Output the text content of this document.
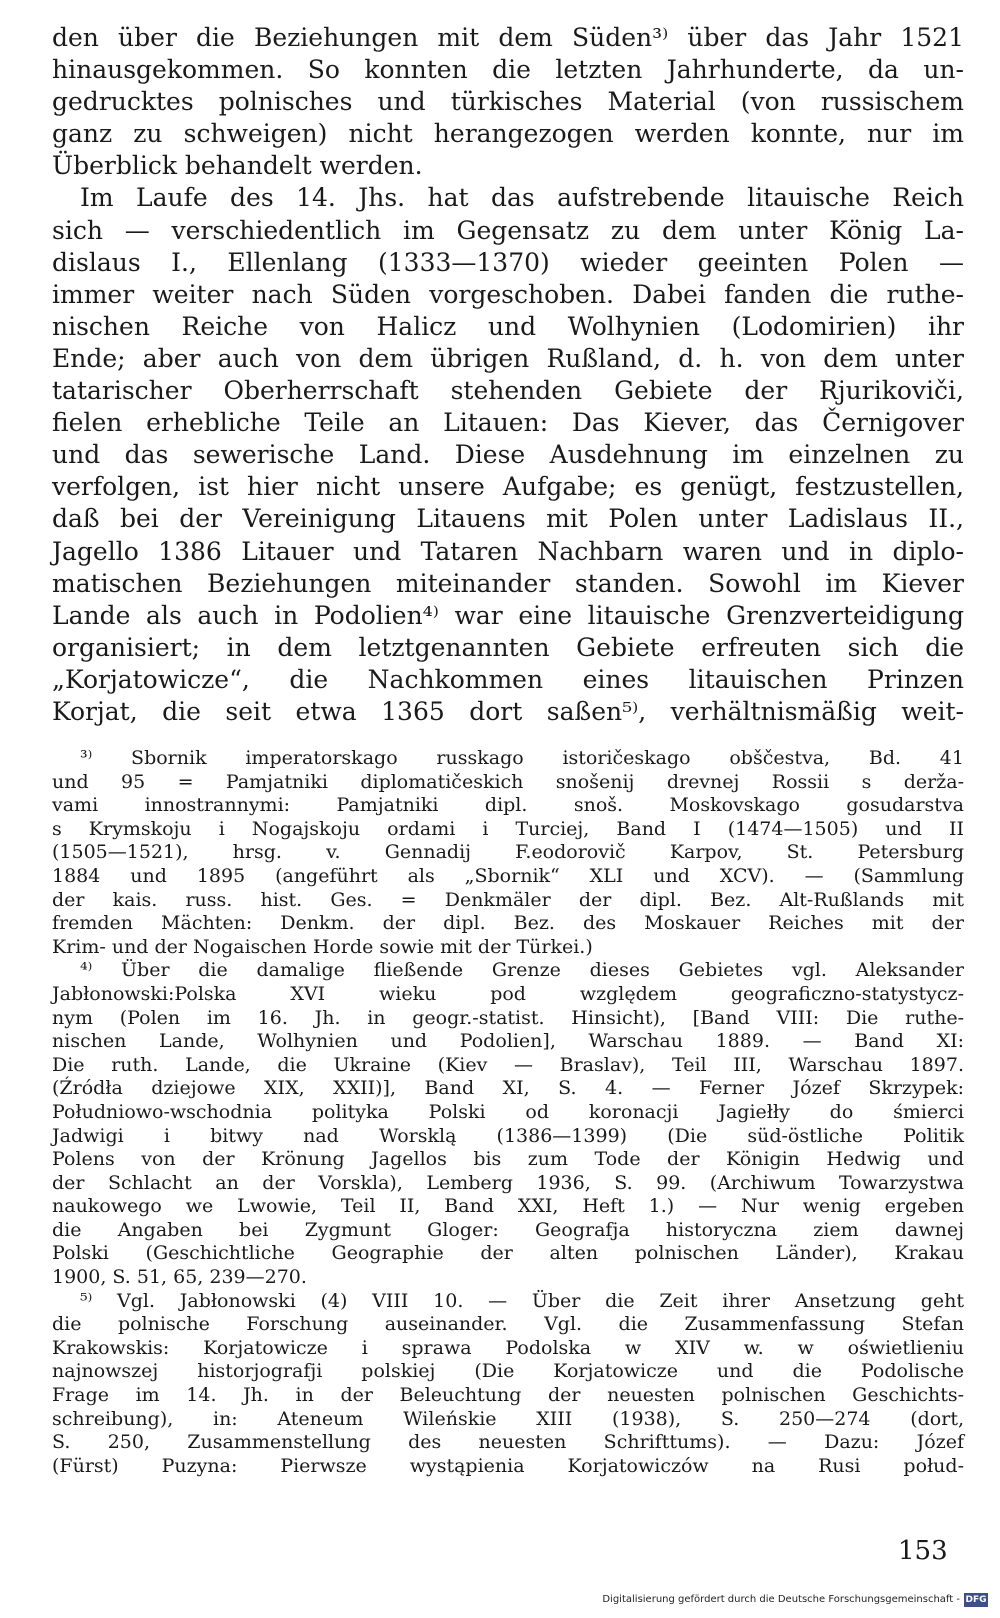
den über die Beziehungen mit dem Süden³⁾ über das Jahr 1521
hinausgekommen. So konnten die letzten Jahrhunderte, da un-
gedrucktes polnisches und türkisches Material (von russischem
ganz zu schweigen) nicht herangezogen werden konnte, nur im
Überblick behandelt werden.
Im Laufe des 14. Jhs. hat das aufstrebende litauische Reich
sich — verschiedentlich im Gegensatz zu dem unter König La-
dislaus I., Ellenlang (1333—1370) wieder geeinten Polen —
immer weiter nach Süden vorgeschoben. Dabei fanden die ruthe-
nischen Reiche von Halicz und Wolhynien (Lodomirien) ihr
Ende; aber auch von dem übrigen Rußland, d. h. von dem unter
tatarischer Oberherrschaft stehenden Gebiete der Rjurikoviči,
fielen erhebliche Teile an Litauen: Das Kiever, das Černigover
und das sewerische Land. Diese Ausdehnung im einzelnen zu
verfolgen, ist hier nicht unsere Aufgabe; es genügt, festzustellen,
daß bei der Vereinigung Litauens mit Polen unter Ladislaus II.,
Jagello 1386 Litauer und Tataren Nachbarn waren und in diplo-
matischen Beziehungen miteinander standen. Sowohl im Kiever
Lande als auch in Podolien⁴⁾ war eine litauische Grenzverteidigung
organisiert; in dem letztgenannten Gebiete erfreuten sich die
„Korjatowicze“, die Nachkommen eines litauischen Prinzen
Korjat, die seit etwa 1365 dort saßen⁵⁾, verhältnismäßig weit-
³⁾ Sbornik imperatorskago russkago istoričeskago obščestva, Bd. 41
und 95 = Pamjatniki diplomatičeskich snošenij drevnej Rossii s derža-
vami innostrannymi: Pamjatniki dipl. snoš. Moskovskago gosudarstva
s Krymskoju i Nogajskoju ordami i Turciej, Band I (1474—1505) und II
(1505—1521), hrsg. v. Gennadij F.eodorovič Karpov, St. Petersburg
1884 und 1895 (angeführt als „Sbornik“ XLI und XCV). — (Sammlung
der kais. russ. hist. Ges. = Denkmäler der dipl. Bez. Alt-Rußlands mit
fremden Mächten: Denkm. der dipl. Bez. des Moskauer Reiches mit der
Krim- und der Nogaischen Horde sowie mit der Türkei.)
⁴⁾ Über die damalige fließende Grenze dieses Gebietes vgl. Aleksander
Jabłonowski:Polska XVI wieku pod względem geograficzno-statystycz-
nym (Polen im 16. Jh. in geogr.-statist. Hinsicht), [Band VIII: Die ruthe-
nischen Lande, Wolhynien und Podolien], Warschau 1889. — Band XI:
Die ruth. Lande, die Ukraine (Kiev — Braslav), Teil III, Warschau 1897.
(Źródła dziejowe XIX, XXII)], Band XI, S. 4. — Ferner Józef Skrzypek:
Południowo-wschodnia polityka Polski od koronacji Jagiełły do śmierci
Jadwigi i bitwy nad Worsklą (1386—1399) (Die süd-östliche Politik
Polens von der Krönung Jagellos bis zum Tode der Königin Hedwig und
der Schlacht an der Vorskla), Lemberg 1936, S. 99. (Archiwum Towarzystwa
naukowego we Lwowie, Teil II, Band XXI, Heft 1.) — Nur wenig ergeben
die Angaben bei Zygmunt Gloger: Geografja historyczna ziem dawnej
Polski (Geschichtliche Geographie der alten polnischen Länder), Krakau
1900, S. 51, 65, 239—270.
⁵⁾ Vgl. Jabłonowski (4) VIII 10. — Über die Zeit ihrer Ansetzung geht
die polnische Forschung auseinander. Vgl. die Zusammenfassung Stefan
Krakowskis: Korjatowicze i sprawa Podolska w XIV w. w oświetlieniu
najnowszej historjografji polskiej (Die Korjatowicze und die Podolische
Frage im 14. Jh. in der Beleuchtung der neuesten polnischen Geschichts-
schreibung), in: Ateneum Wileńskie XIII (1938), S. 250—274 (dort,
S. 250, Zusammenstellung des neuesten Schrifttums). — Dazu: Józef
(Fürst) Puzyna: Pierwsze wystąpienia Korjatowiczów na Rusi połud-
153
Digitalisierung gefördert durch die Deutsche Forschungsgemeinschaft - DFG
